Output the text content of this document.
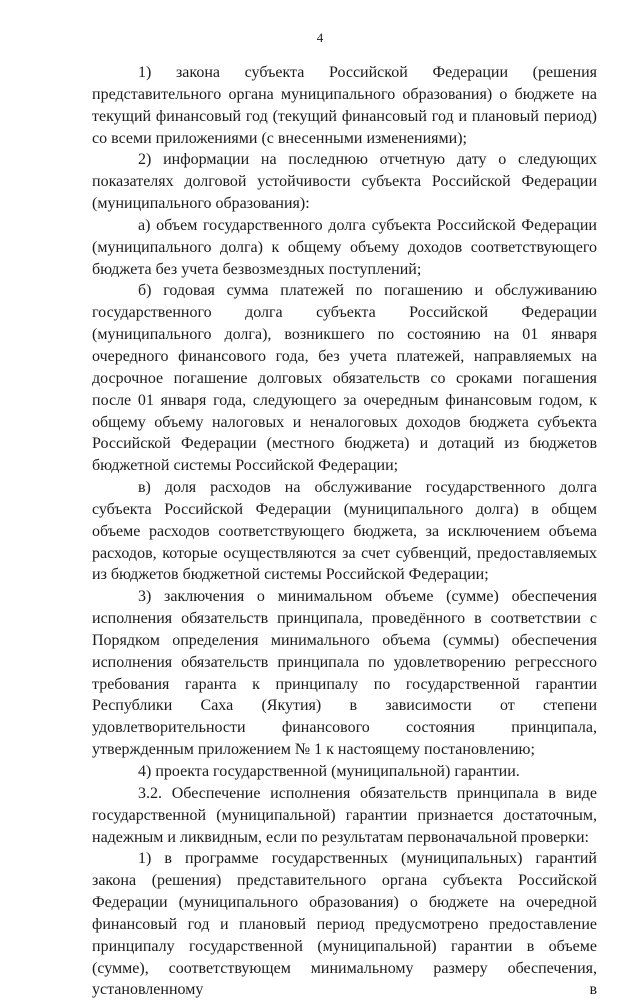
4

1) закона субъекта Российской Федерации (решения представительного органа муниципального образования) о бюджете на текущий финансовый год (текущий финансовый год и плановый период) со всеми приложениями (с внесенными изменениями);

2) информации на последнюю отчетную дату о следующих показателях долговой устойчивости субъекта Российской Федерации (муниципального образования):

а) объем государственного долга субъекта Российской Федерации (муниципального долга) к общему объему доходов соответствующего бюджета без учета безвозмездных поступлений;

б) годовая сумма платежей по погашению и обслуживанию государственного долга субъекта Российской Федерации (муниципального долга), возникшего по состоянию на 01 января очередного финансового года, без учета платежей, направляемых на досрочное погашение долговых обязательств со сроками погашения после 01 января года, следующего за очередным финансовым годом, к общему объему налоговых и неналоговых доходов бюджета субъекта Российской Федерации (местного бюджета) и дотаций из бюджетов бюджетной системы Российской Федерации;

в) доля расходов на обслуживание государственного долга субъекта Российской Федерации (муниципального долга) в общем объеме расходов соответствующего бюджета, за исключением объема расходов, которые осуществляются за счет субвенций, предоставляемых из бюджетов бюджетной системы Российской Федерации;

3) заключения о минимальном объеме (сумме) обеспечения исполнения обязательств принципала, проведённого в соответствии с Порядком определения минимального объема (суммы) обеспечения исполнения обязательств принципала по удовлетворению регрессного требования гаранта к принципалу по государственной гарантии Республики Саха (Якутия) в зависимости от степени удовлетворительности финансового состояния принципала, утвержденным приложением № 1 к настоящему постановлению;

4) проекта государственной (муниципальной) гарантии.

3.2. Обеспечение исполнения обязательств принципала в виде государственной (муниципальной) гарантии признается достаточным, надежным и ликвидным, если по результатам первоначальной проверки:

1) в программе государственных (муниципальных) гарантий закона (решения) представительного органа субъекта Российской Федерации (муниципального образования) о бюджете на очередной финансовый год и плановый период предусмотрено предоставление принципалу государственной (муниципальной) гарантии в объеме (сумме), соответствующем минимальному размеру обеспечения, установленному в
